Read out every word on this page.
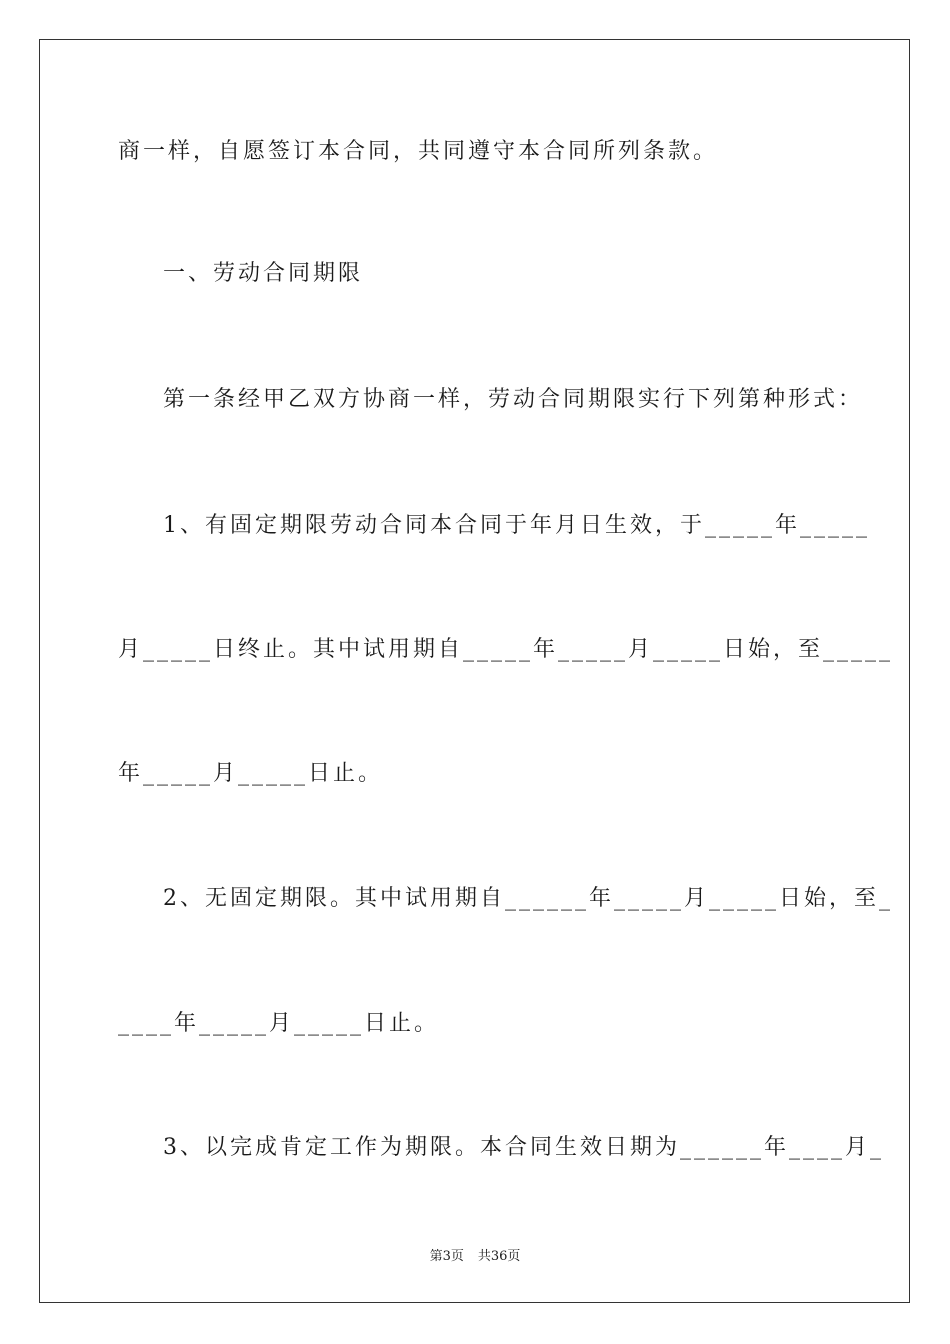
商一样，自愿签订本合同，共同遵守本合同所列条款。
一、劳动合同期限
第一条经甲乙双方协商一样，劳动合同期限实行下列第种形式：
1、有固定期限劳动合同本合同于年月日生效，于_____年_____
月_____日终止。其中试用期自_____年_____月_____日始，至_____
年_____月_____日止。
2、无固定期限。其中试用期自______年_____月_____日始，至_
____年_____月_____日止。
3、以完成肯定工作为期限。本合同生效日期为______年____月_
第3页 共36页
